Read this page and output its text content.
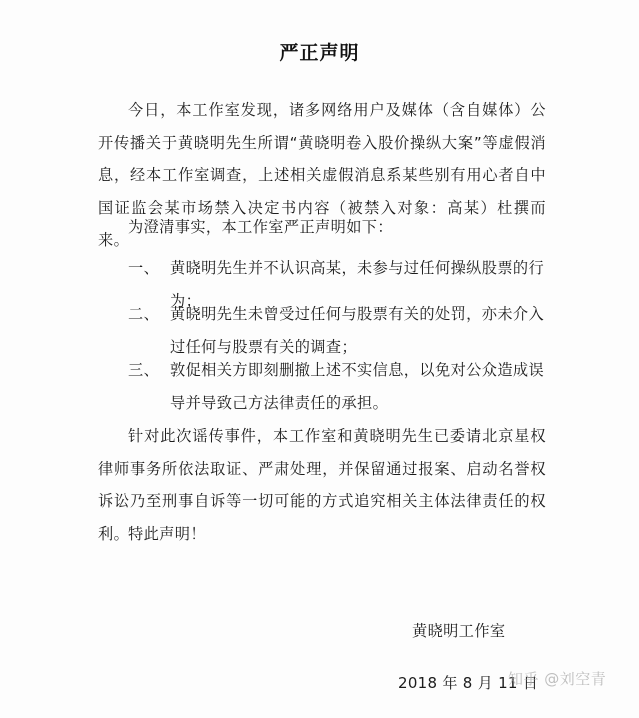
严正声明
今日，本工作室发现，诸多网络用户及媒体（含自媒体）公开传播关于黄晓明先生所谓“黄晓明卷入股价操纵大案”等虚假消息，经本工作室调查，上述相关虚假消息系某些别有用心者自中国证监会某市场禁入决定书内容（被禁入对象：高某）杜撰而来。
为澄清事实，本工作室严正声明如下：
一、 黄晓明先生并不认识高某，未参与过任何操纵股票的行为；
二、 黄晓明先生未曾受过任何与股票有关的处罚，亦未介入过任何与股票有关的调查；
三、 敦促相关方即刻删撤上述不实信息，以免对公众造成误导并导致己方法律责任的承担。
针对此次谣传事件，本工作室和黄晓明先生已委请北京星权律师事务所依法取证、严肃处理，并保留通过报案、启动名誉权诉讼乃至刑事自诉等一切可能的方式追究相关主体法律责任的权利。
特此声明！
黄晓明工作室
2018 年 8 月 11 日
知乎 @刘空青
